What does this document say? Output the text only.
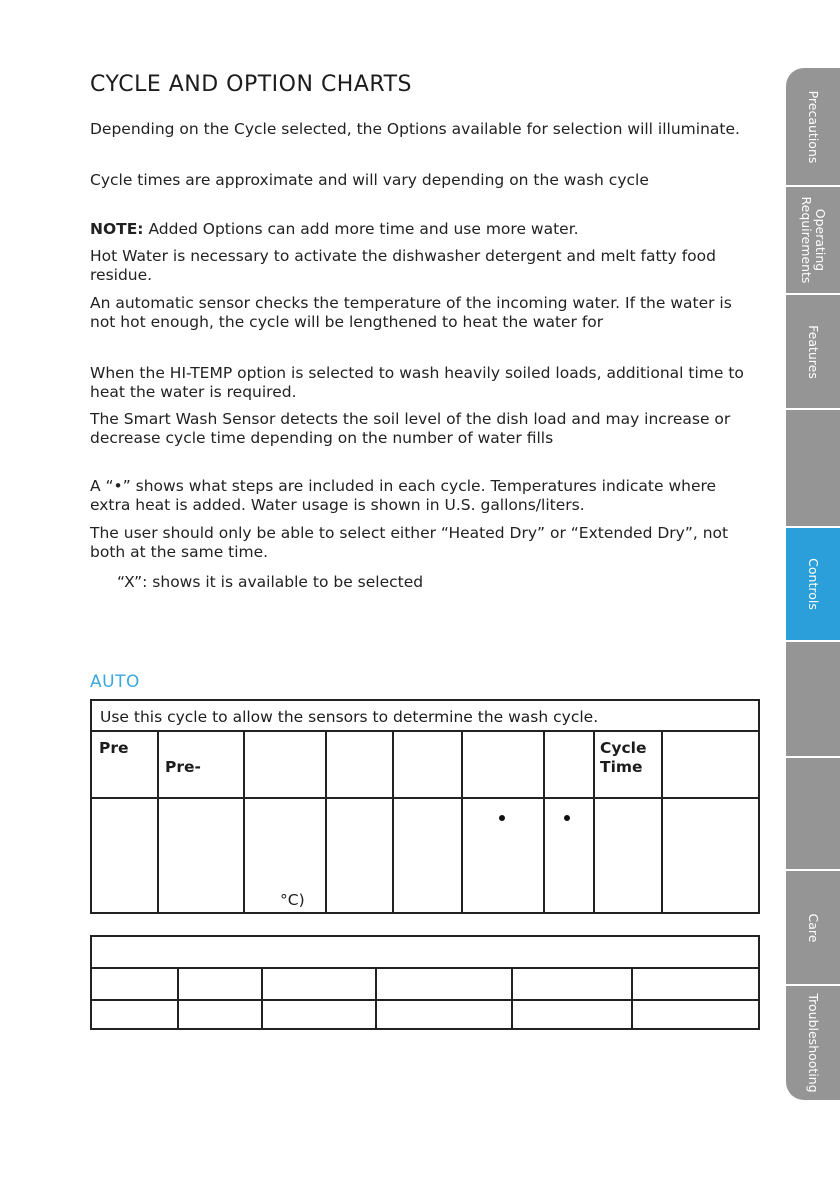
CYCLE AND OPTION CHARTS
Depending on the Cycle selected, the Options available for selection will illuminate.
Cycle times are approximate and will vary depending on the wash cycle
NOTE: Added Options can add more time and use more water.
Hot Water is necessary to activate the dishwasher detergent and melt fatty food residue.
An automatic sensor checks the temperature of the incoming water. If the water is not hot enough, the cycle will be lengthened to heat the water for
When the HI-TEMP option is selected to wash heavily soiled loads, additional time to heat the water is required.
The Smart Wash Sensor detects the soil level of the dish load and may increase or decrease cycle time depending on the number of water fills
A “•” shows what steps are included in each cycle. Temperatures indicate where extra heat is added. Water usage is shown in U.S. gallons/liters.
The user should only be able to select either “Heated Dry” or “Extended Dry”, not both at the same time.
“X”: shows it is available to be selected
AUTO
Use this cycle to allow the sensors to determine the wash cycle.
Pre
Pre-
Cycle Time
°C)
Precautions
Operating Requirements
Features
Controls
Care
Troubleshooting
